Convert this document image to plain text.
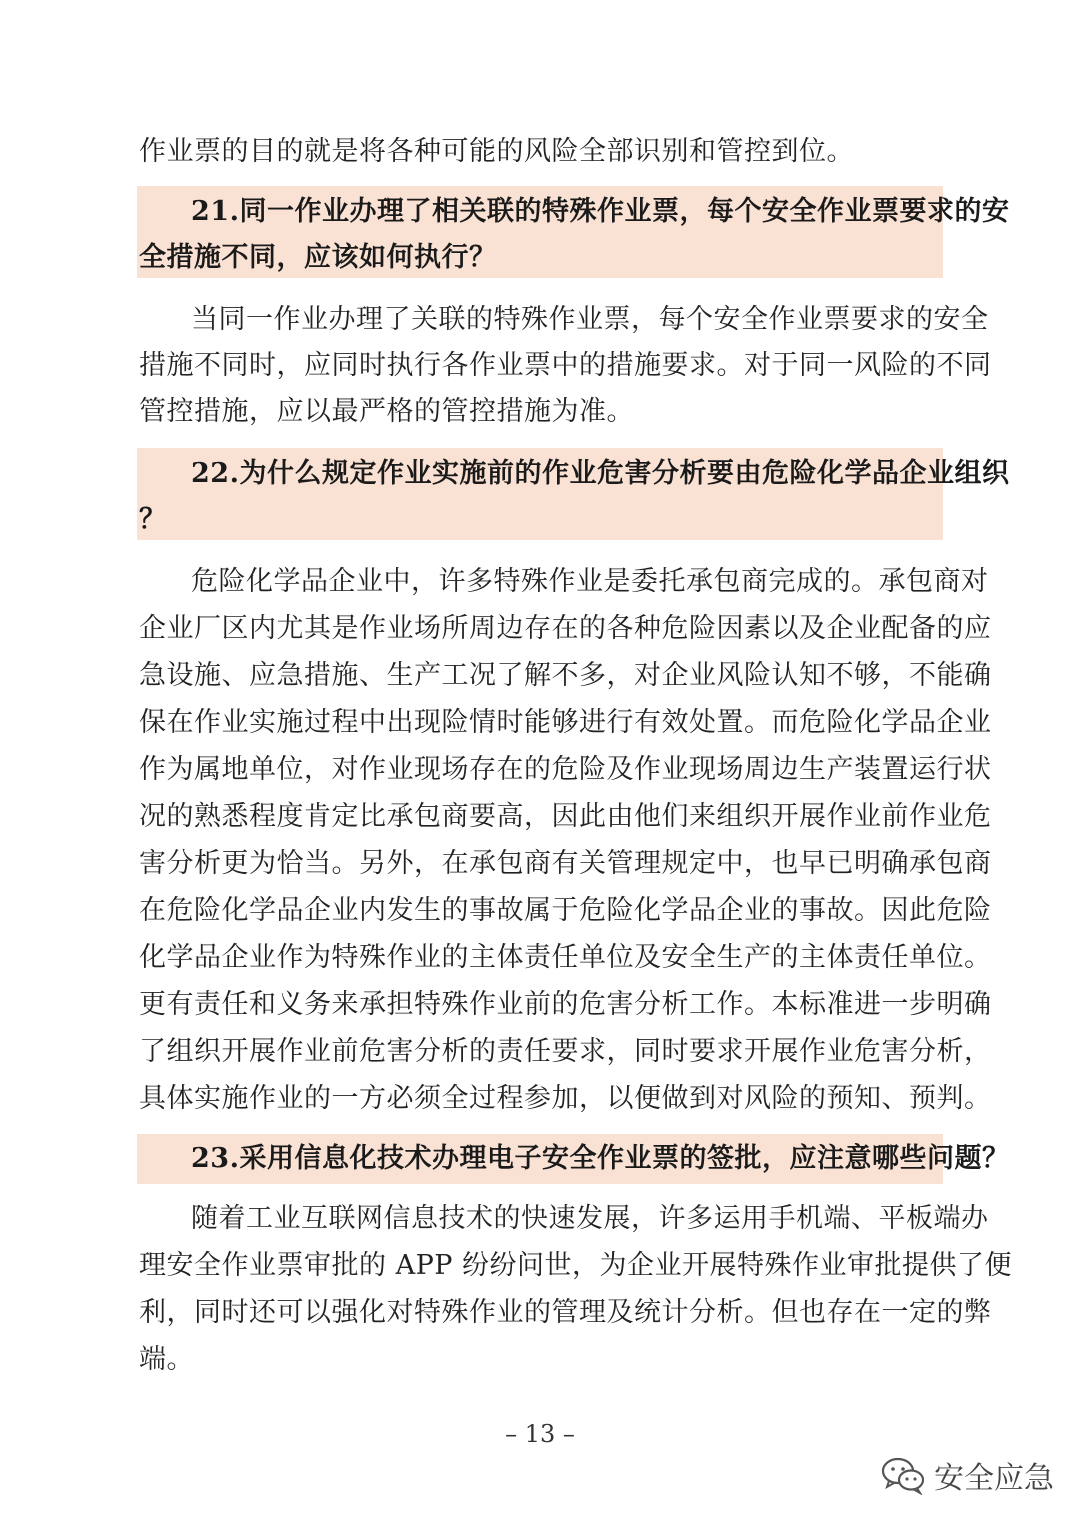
作业票的目的就是将各种可能的风险全部识别和管控到位。
21.同一作业办理了相关联的特殊作业票，每个安全作业票要求的安
全措施不同，应该如何执行？
当同一作业办理了关联的特殊作业票，每个安全作业票要求的安全
措施不同时，应同时执行各作业票中的措施要求。对于同一风险的不同
管控措施，应以最严格的管控措施为准。
22.为什么规定作业实施前的作业危害分析要由危险化学品企业组织
？
危险化学品企业中，许多特殊作业是委托承包商完成的。承包商对
企业厂区内尤其是作业场所周边存在的各种危险因素以及企业配备的应
急设施、应急措施、生产工况了解不多，对企业风险认知不够，不能确
保在作业实施过程中出现险情时能够进行有效处置。而危险化学品企业
作为属地单位，对作业现场存在的危险及作业现场周边生产装置运行状
况的熟悉程度肯定比承包商要高，因此由他们来组织开展作业前作业危
害分析更为恰当。另外，在承包商有关管理规定中，也早已明确承包商
在危险化学品企业内发生的事故属于危险化学品企业的事故。因此危险
化学品企业作为特殊作业的主体责任单位及安全生产的主体责任单位。
更有责任和义务来承担特殊作业前的危害分析工作。本标准进一步明确
了组织开展作业前危害分析的责任要求，同时要求开展作业危害分析，
具体实施作业的一方必须全过程参加，以便做到对风险的预知、预判。
23.采用信息化技术办理电子安全作业票的签批，应注意哪些问题？
随着工业互联网信息技术的快速发展，许多运用手机端、平板端办
理安全作业票审批的 APP 纷纷问世，为企业开展特殊作业审批提供了便
利，同时还可以强化对特殊作业的管理及统计分析。但也存在一定的弊
端。
– 13 –
安全应急
